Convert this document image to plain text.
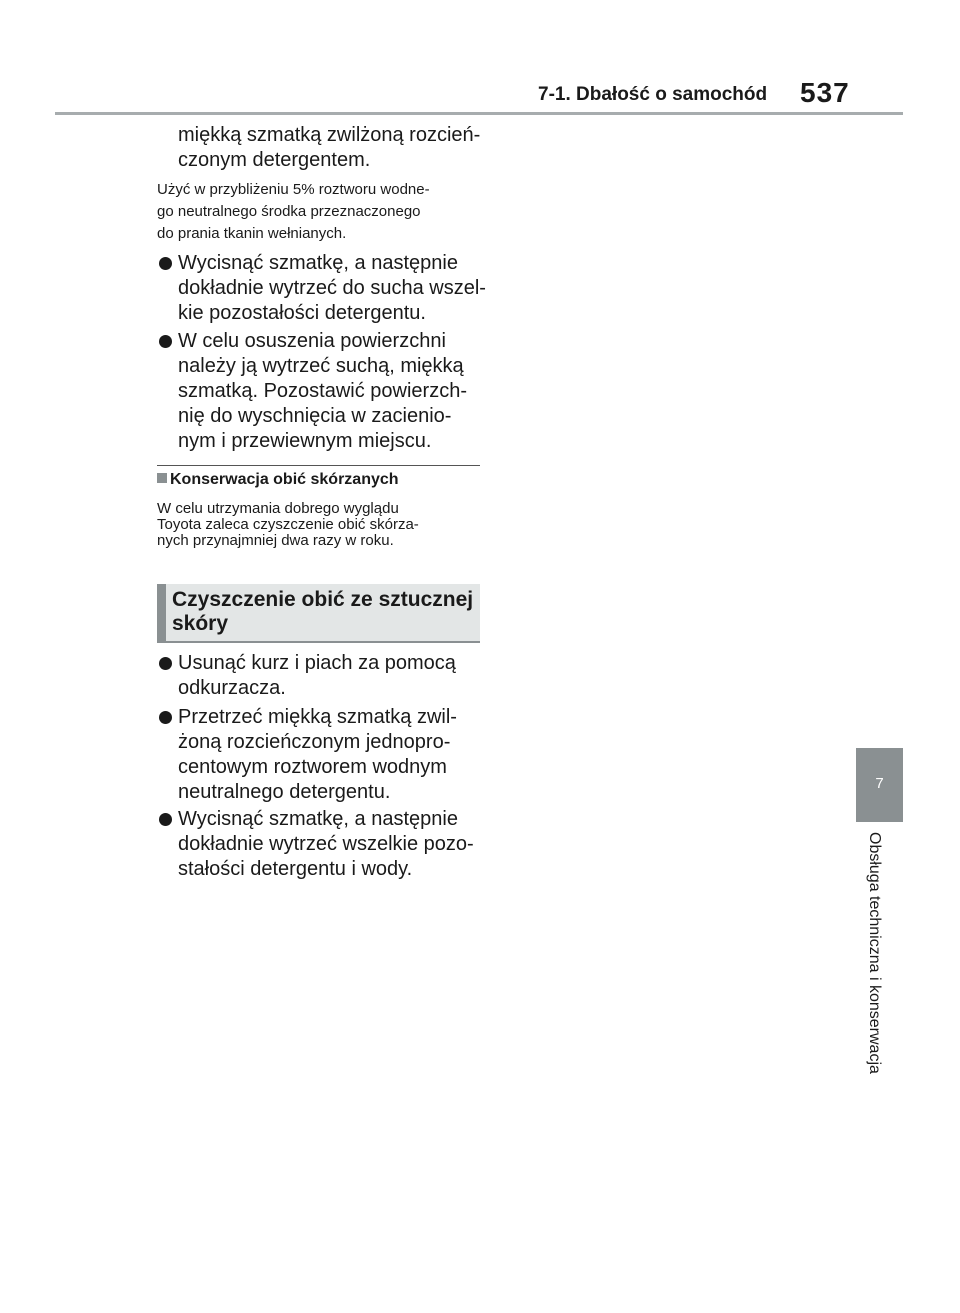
7-1. Dbałość o samochód 537
miękką szmatką zwilżoną rozcień-
czonym detergentem.
Użyć w przybliżeniu 5% roztworu wodne-
go neutralnego środka przeznaczonego
do prania tkanin wełnianych.
Wycisnąć szmatkę, a następnie
dokładnie wytrzeć do sucha wszel-
kie pozostałości detergentu.
W celu osuszenia powierzchni
należy ją wytrzeć suchą, miękką
szmatką. Pozostawić powierzch-
nię do wyschnięcia w zacienio-
nym i przewiewnym miejscu.
Konserwacja obić skórzanych
W celu utrzymania dobrego wyglądu
Toyota zaleca czyszczenie obić skórza-
nych przynajmniej dwa razy w roku.
Czyszczenie obić ze sztucznej
skóry
Usunąć kurz i piach za pomocą
odkurzacza.
Przetrzeć miękką szmatką zwil-
żoną rozcieńczonym jednopro-
centowym roztworem wodnym
neutralnego detergentu.
Wycisnąć szmatkę, a następnie
dokładnie wytrzeć wszelkie pozo-
stałości detergentu i wody.
7
Obsługa techniczna i konserwacja
